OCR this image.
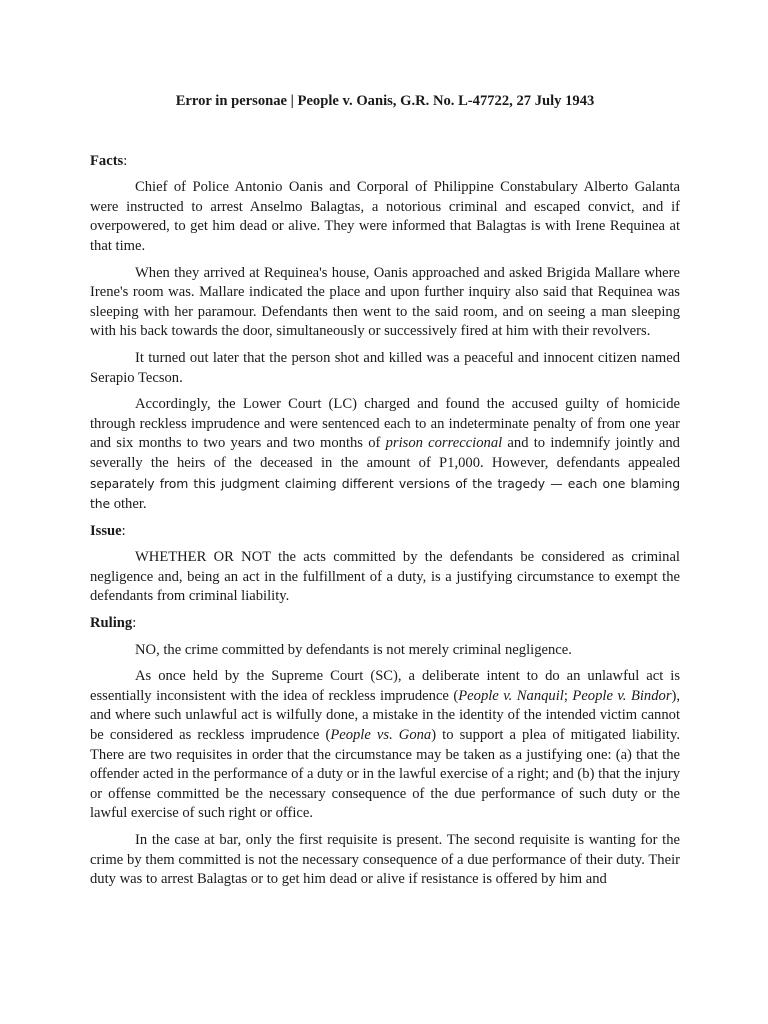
Error in personae | People v. Oanis, G.R. No. L-47722, 27 July 1943
Facts:

Chief of Police Antonio Oanis and Corporal of Philippine Constabulary Alberto Galanta were instructed to arrest Anselmo Balagtas, a notorious criminal and escaped convict, and if overpowered, to get him dead or alive. They were informed that Balagtas is with Irene Requinea at that time.

When they arrived at Requinea's house, Oanis approached and asked Brigida Mallare where Irene's room was. Mallare indicated the place and upon further inquiry also said that Requinea was sleeping with her paramour. Defendants then went to the said room, and on seeing a man sleeping with his back towards the door, simultaneously or successively fired at him with their revolvers.

It turned out later that the person shot and killed was a peaceful and innocent citizen named Serapio Tecson.

Accordingly, the Lower Court (LC) charged and found the accused guilty of homicide through reckless imprudence and were sentenced each to an indeterminate penalty of from one year and six months to two years and two months of prison correccional and to indemnify jointly and severally the heirs of the deceased in the amount of P1,000. However, defendants appealed separately from this judgment claiming different versions of the tragedy — each one blaming the other.

Issue:

WHETHER OR NOT the acts committed by the defendants be considered as criminal negligence and, being an act in the fulfillment of a duty, is a justifying circumstance to exempt the defendants from criminal liability.

Ruling:

NO, the crime committed by defendants is not merely criminal negligence.

As once held by the Supreme Court (SC), a deliberate intent to do an unlawful act is essentially inconsistent with the idea of reckless imprudence (People v. Nanquil; People v. Bindor), and where such unlawful act is wilfully done, a mistake in the identity of the intended victim cannot be considered as reckless imprudence (People vs. Gona) to support a plea of mitigated liability. There are two requisites in order that the circumstance may be taken as a justifying one: (a) that the offender acted in the performance of a duty or in the lawful exercise of a right; and (b) that the injury or offense committed be the necessary consequence of the due performance of such duty or the lawful exercise of such right or office.

In the case at bar, only the first requisite is present. The second requisite is wanting for the crime by them committed is not the necessary consequence of a due performance of their duty. Their duty was to arrest Balagtas or to get him dead or alive if resistance is offered by him and
